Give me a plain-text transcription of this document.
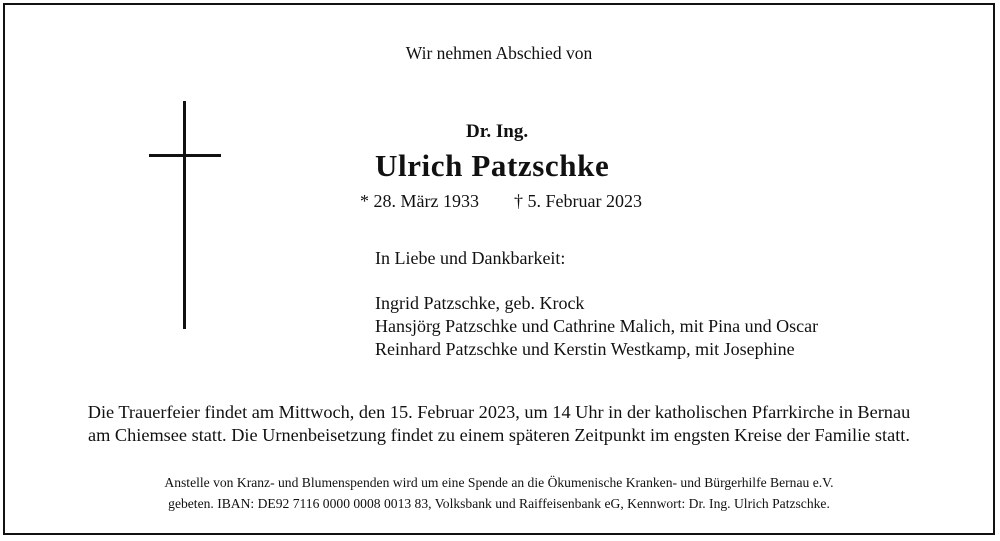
Wir nehmen Abschied von
Dr. Ing.
Ulrich Patzschke
* 28. März 1933 † 5. Februar 2023
In Liebe und Dankbarkeit:
Ingrid Patzschke, geb. Krock
Hansjörg Patzschke und Cathrine Malich, mit Pina und Oscar
Reinhard Patzschke und Kerstin Westkamp, mit Josephine
Die Trauerfeier findet am Mittwoch, den 15. Februar 2023, um 14 Uhr in der katholischen Pfarrkirche in Bernau
am Chiemsee statt. Die Urnenbeisetzung findet zu einem späteren Zeitpunkt im engsten Kreise der Familie statt.
Anstelle von Kranz- und Blumenspenden wird um eine Spende an die Ökumenische Kranken- und Bürgerhilfe Bernau e.V.
gebeten. IBAN: DE92 7116 0000 0008 0013 83, Volksbank und Raiffeisenbank eG, Kennwort: Dr. Ing. Ulrich Patzschke.
